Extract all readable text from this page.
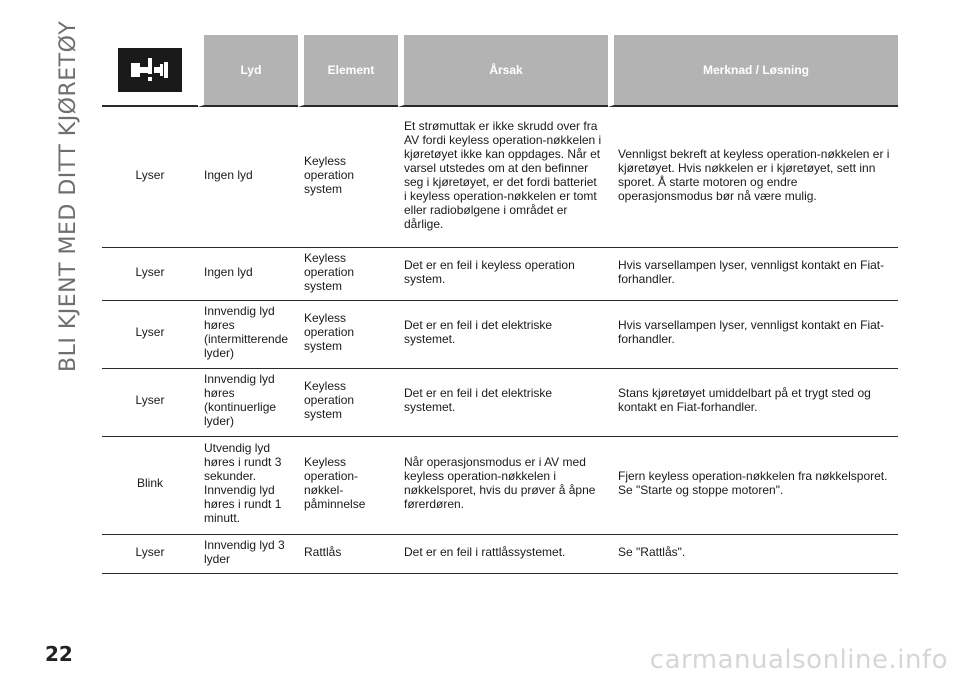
BLI KJENT MED DITT KJØRETØY
		Lyd	Element	Årsak	Merknad / Løsning
Lyser	Ingen lyd	Keyless operation system	Et strømuttak er ikke skrudd over fra AV fordi keyless operation-nøkkelen i kjøretøyet ikke kan oppdages. Når et varsel utstedes om at den befinner seg i kjøretøyet, er det fordi batteriet i keyless operation-nøkkelen er tomt eller radiobølgene i området er dårlige.	Vennligst bekreft at keyless operation-nøkkelen er i kjøretøyet. Hvis nøkkelen er i kjøretøyet, sett inn sporet. Å starte motoren og endre operasjonsmodus bør nå være mulig.
Lyser	Ingen lyd	Keyless operation system	Det er en feil i keyless operation system.	Hvis varsellampen lyser, vennligst kontakt en Fiat-forhandler.
Lyser	Innvendig lyd høres (intermitterende lyder)	Keyless operation system	Det er en feil i det elektriske systemet.	Hvis varsellampen lyser, vennligst kontakt en Fiat-forhandler.
Lyser	Innvendig lyd høres (kontinuerlige lyder)	Keyless operation system	Det er en feil i det elektriske systemet.	Stans kjøretøyet umiddelbart på et trygt sted og kontakt en Fiat-forhandler.
Blink	Utvendig lyd høres i rundt 3 sekunder. Innvendig lyd høres i rundt 1 minutt.	Keyless operation- nøkkel- påminnelse	Når operasjonsmodus er i AV med keyless operation-nøkkelen i nøkkelsporet, hvis du prøver å åpne førerdøren.	Fjern keyless operation-nøkkelen fra nøkkelsporet. Se "Starte og stoppe motoren".
Lyser	Innvendig lyd 3 lyder	Rattlås	Det er en feil i rattlåssystemet.	Se "Rattlås".
22	carmanualsonline.info
